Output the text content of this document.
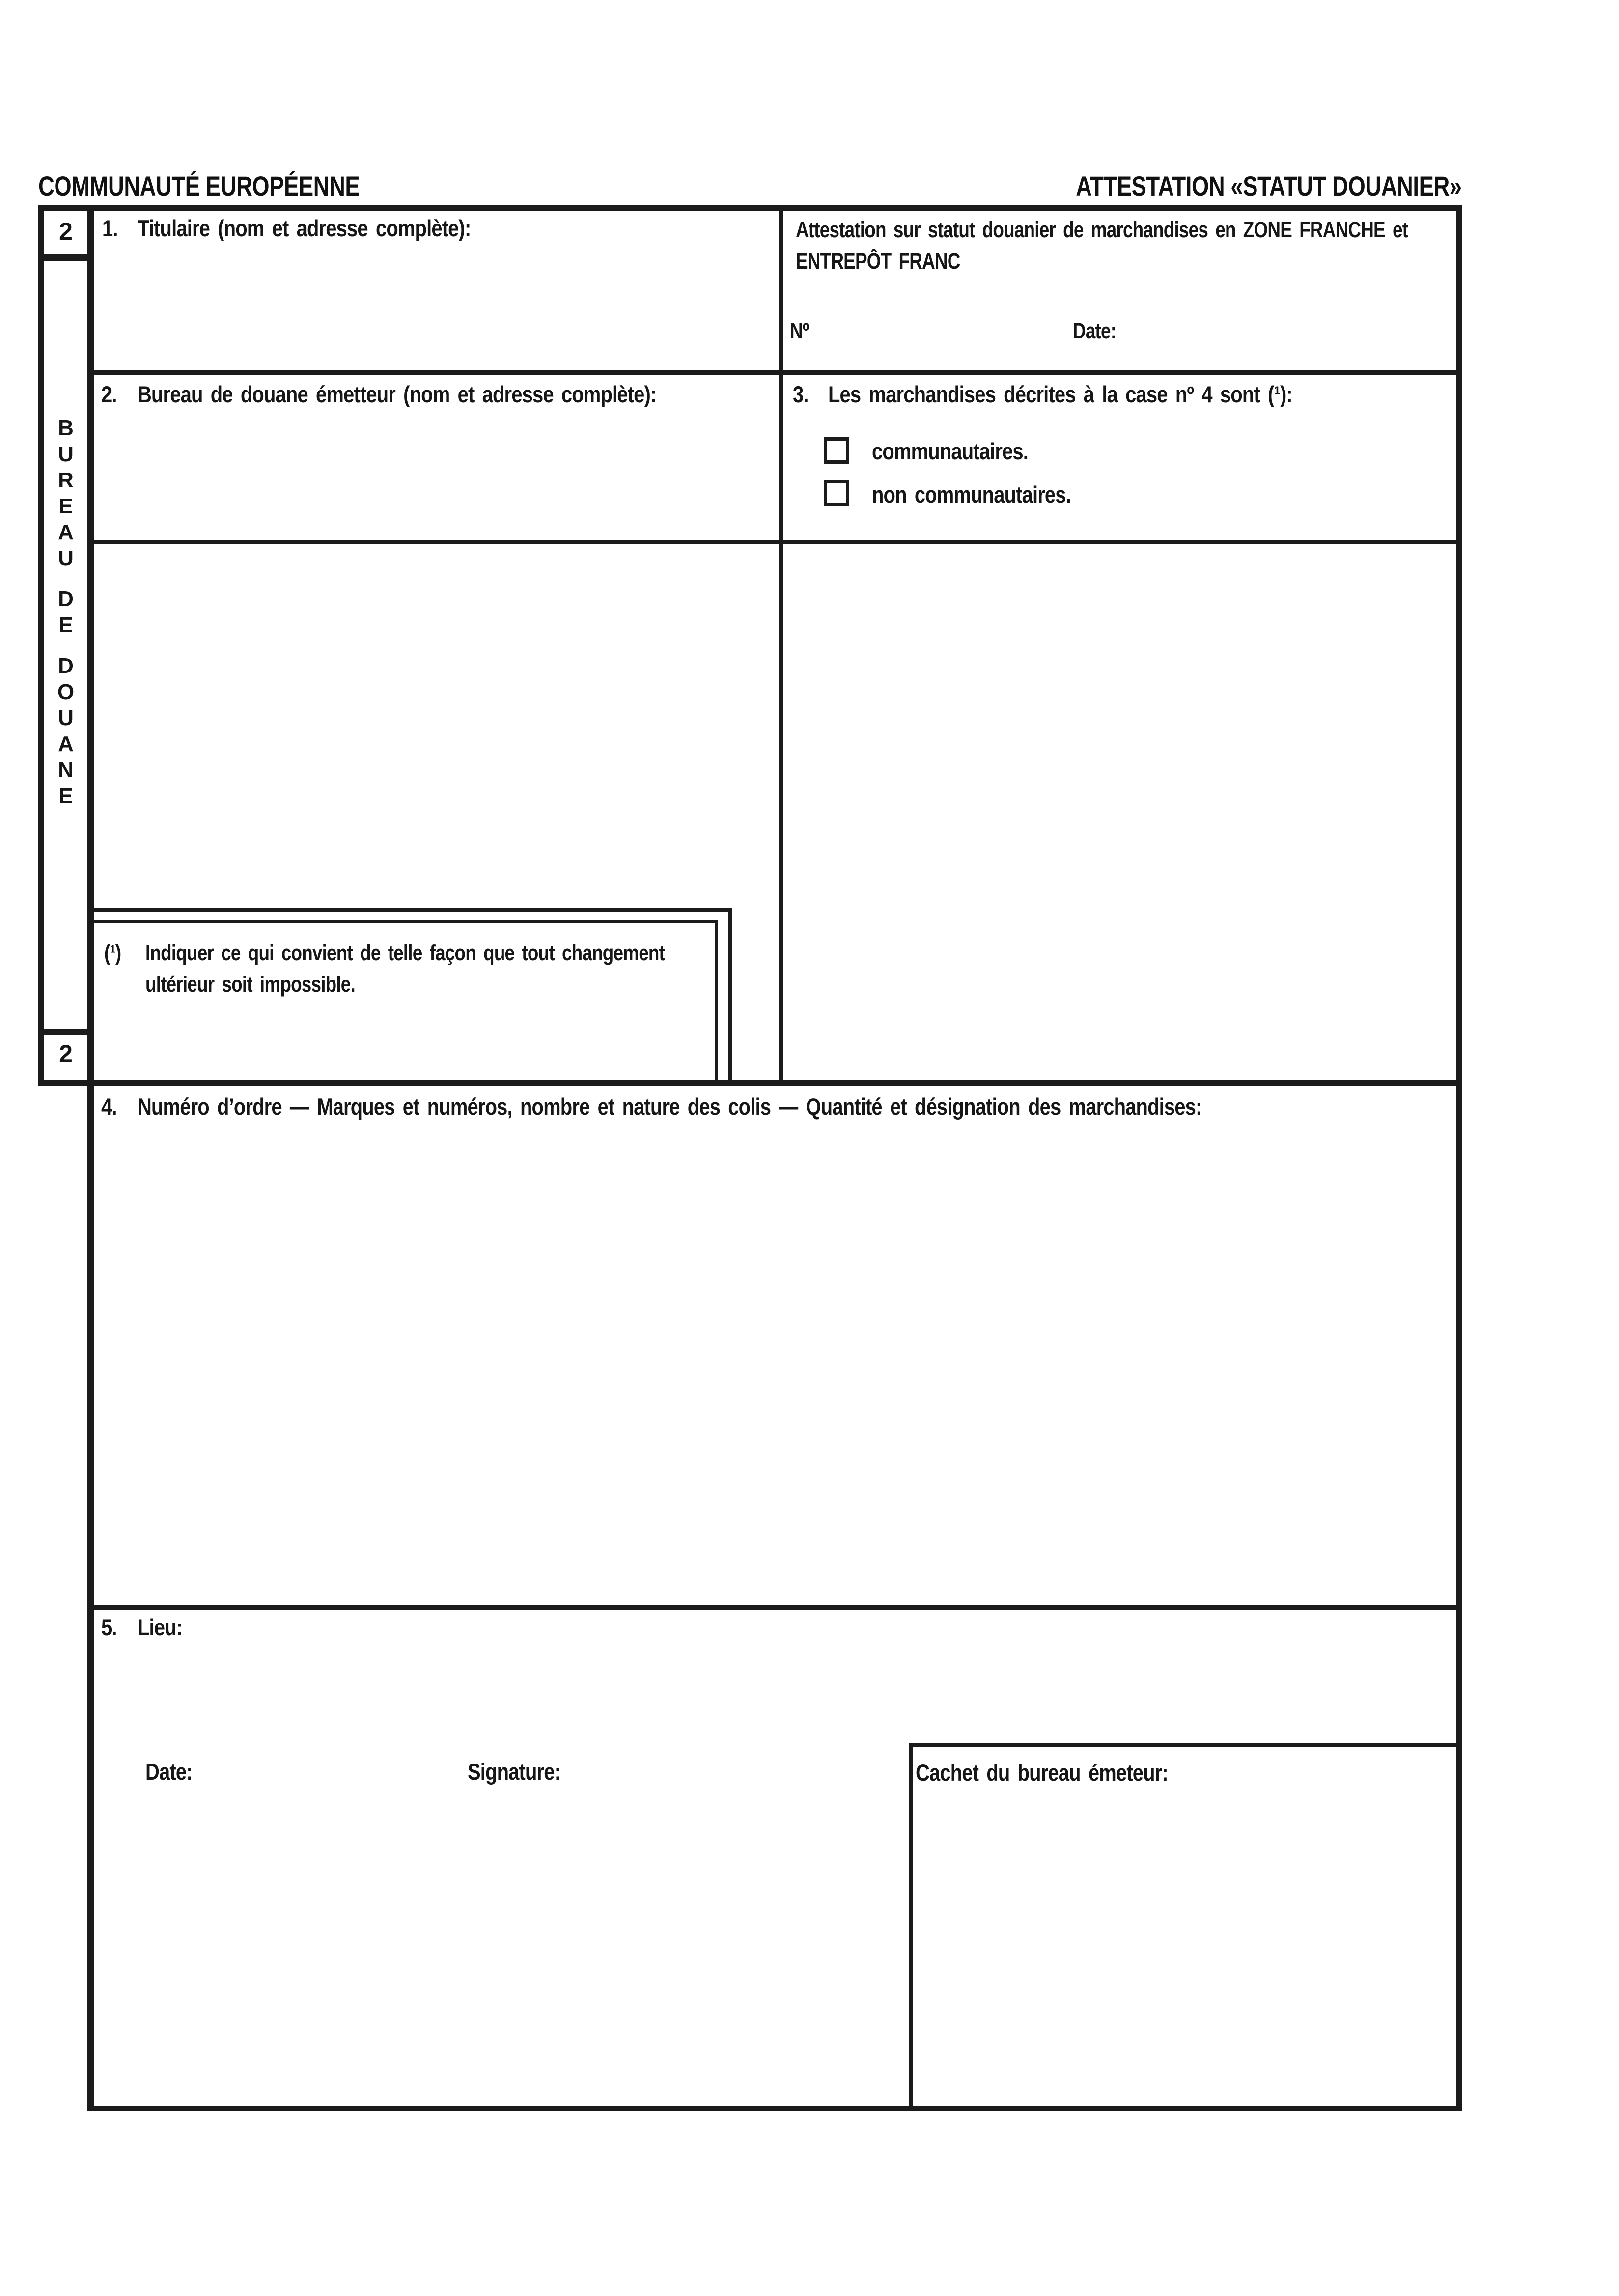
COMMUNAUTÉ EUROPÉENNE	ATTESTATION «STATUT DOUANIER»
2
2
B
U
R
E
A
U
D
E
D
O
U
A
N
E
1. Titulaire (nom et adresse complète):	Attestation sur statut douanier de marchandises en ZONE FRANCHE et
ENTREPÔT FRANC
Nº	Date:
2. Bureau de douane émetteur (nom et adresse complète):	3. Les marchandises décrites à la case nº 4 sont (¹):
communautaires.
non communautaires.
(¹) Indiquer ce qui convient de telle façon que tout changement
ultérieur soit impossible.
4. Numéro d’ordre — Marques et numéros, nombre et nature des colis — Quantité et désignation des marchandises:
5. Lieu:
Date:	Signature:	Cachet du bureau émeteur:
